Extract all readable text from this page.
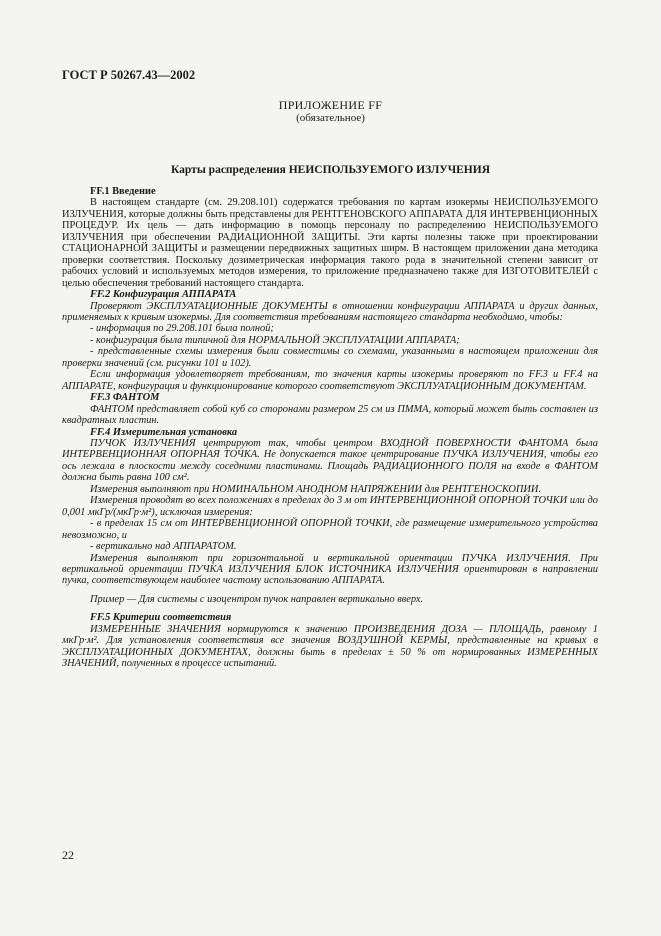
ГОСТ Р 50267.43—2002
ПРИЛОЖЕНИЕ FF
(обязательное)
Карты распределения НЕИСПОЛЬЗУЕМОГО ИЗЛУЧЕНИЯ

FF.1 Введение

В настоящем стандарте (см. 29.208.101) содержатся требования по картам изокермы НЕИСПОЛЬЗУЕМОГО ИЗЛУЧЕНИЯ, которые должны быть представлены для РЕНТГЕНОВСКОГО АППАРАТА ДЛЯ ИНТЕРВЕНЦИОННЫХ ПРОЦЕДУР. Их цель — дать информацию в помощь персоналу по распределению НЕИСПОЛЬЗУЕМОГО ИЗЛУЧЕНИЯ при обеспечении РАДИАЦИОННОЙ ЗАЩИТЫ. Эти карты полезны также при проектировании СТАЦИОНАРНОЙ ЗАЩИТЫ и размещении передвижных защитных ширм. В настоящем приложении дана методика проверки соответствия. Поскольку дозиметрическая информация такого рода в значительной степени зависит от рабочих условий и используемых методов измерения, то приложение предназначено также для ИЗГОТОВИТЕЛЕЙ с целью обеспечения требований настоящего стандарта.

FF.2 Конфигурация АППАРАТА

Проверяют ЭКСПЛУАТАЦИОННЫЕ ДОКУМЕНТЫ в отношении конфигурации АППАРАТА и других данных, применяемых к кривым изокермы. Для соответствия требованиям настоящего стандарта необходимо, чтобы:

- информация по 29.208.101 была полной;

- конфигурация была типичной для НОРМАЛЬНОЙ ЭКСПЛУАТАЦИИ АППАРАТА;

- представленные схемы измерения были совместимы со схемами, указанными в настоящем приложении для проверки значений (см. рисунки 101 и 102).

Если информация удовлетворяет требованиям, то значения карты изокермы проверяют по FF.3 и FF.4 на АППАРАТЕ, конфигурация и функционирование которого соответствуют ЭКСПЛУАТАЦИОННЫМ ДОКУМЕНТАМ.

FF.3 ФАНТОМ

ФАНТОМ представляет собой куб со сторонами размером 25 см из ПММА, который может быть составлен из квадратных пластин.

FF.4 Измерительная установка

ПУЧОК ИЗЛУЧЕНИЯ центрируют так, чтобы центром ВХОДНОЙ ПОВЕРХНОСТИ ФАНТОМА была ИНТЕРВЕНЦИОННАЯ ОПОРНАЯ ТОЧКА. Не допускается такое центрирование ПУЧКА ИЗЛУЧЕНИЯ, чтобы его ось лежала в плоскости между соседними пластинами. Площадь РАДИАЦИОННОГО ПОЛЯ на входе в ФАНТОМ должна быть равна 100 см².

Измерения выполняют при НОМИНАЛЬНОМ АНОДНОМ НАПРЯЖЕНИИ для РЕНТГЕНОСКОПИИ.

Измерения проводят во всех положениях в пределах до 3 м от ИНТЕРВЕНЦИОННОЙ ОПОРНОЙ ТОЧКИ или до 0,001 мкГр/(мкГр·м²), исключая измерения:

- в пределах 15 см от ИНТЕРВЕНЦИОННОЙ ОПОРНОЙ ТОЧКИ, где размещение измерительного устройства невозможно, и

- вертикально над АППАРАТОМ.

Измерения выполняют при горизонтальной и вертикальной ориентации ПУЧКА ИЗЛУЧЕНИЯ. При вертикальной ориентации ПУЧКА ИЗЛУЧЕНИЯ БЛОК ИСТОЧНИКА ИЗЛУЧЕНИЯ ориентирован в направлении пучка, соответствующем наиболее частому использованию АППАРАТА.

Пример — Для системы с изоцентром пучок направлен вертикально вверх.

FF.5 Критерии соответствия

ИЗМЕРЕННЫЕ ЗНАЧЕНИЯ нормируются к значению ПРОИЗВЕДЕНИЯ ДОЗА — ПЛОЩАДЬ, равному 1 мкГр·м². Для установления соответствия все значения ВОЗДУШНОЙ КЕРМЫ, представленные на кривых в ЭКСПЛУАТАЦИОННЫХ ДОКУМЕНТАХ, должны быть в пределах ± 50 % от нормированных ИЗМЕРЕННЫХ ЗНАЧЕНИЙ, полученных в процессе испытаний.

22
